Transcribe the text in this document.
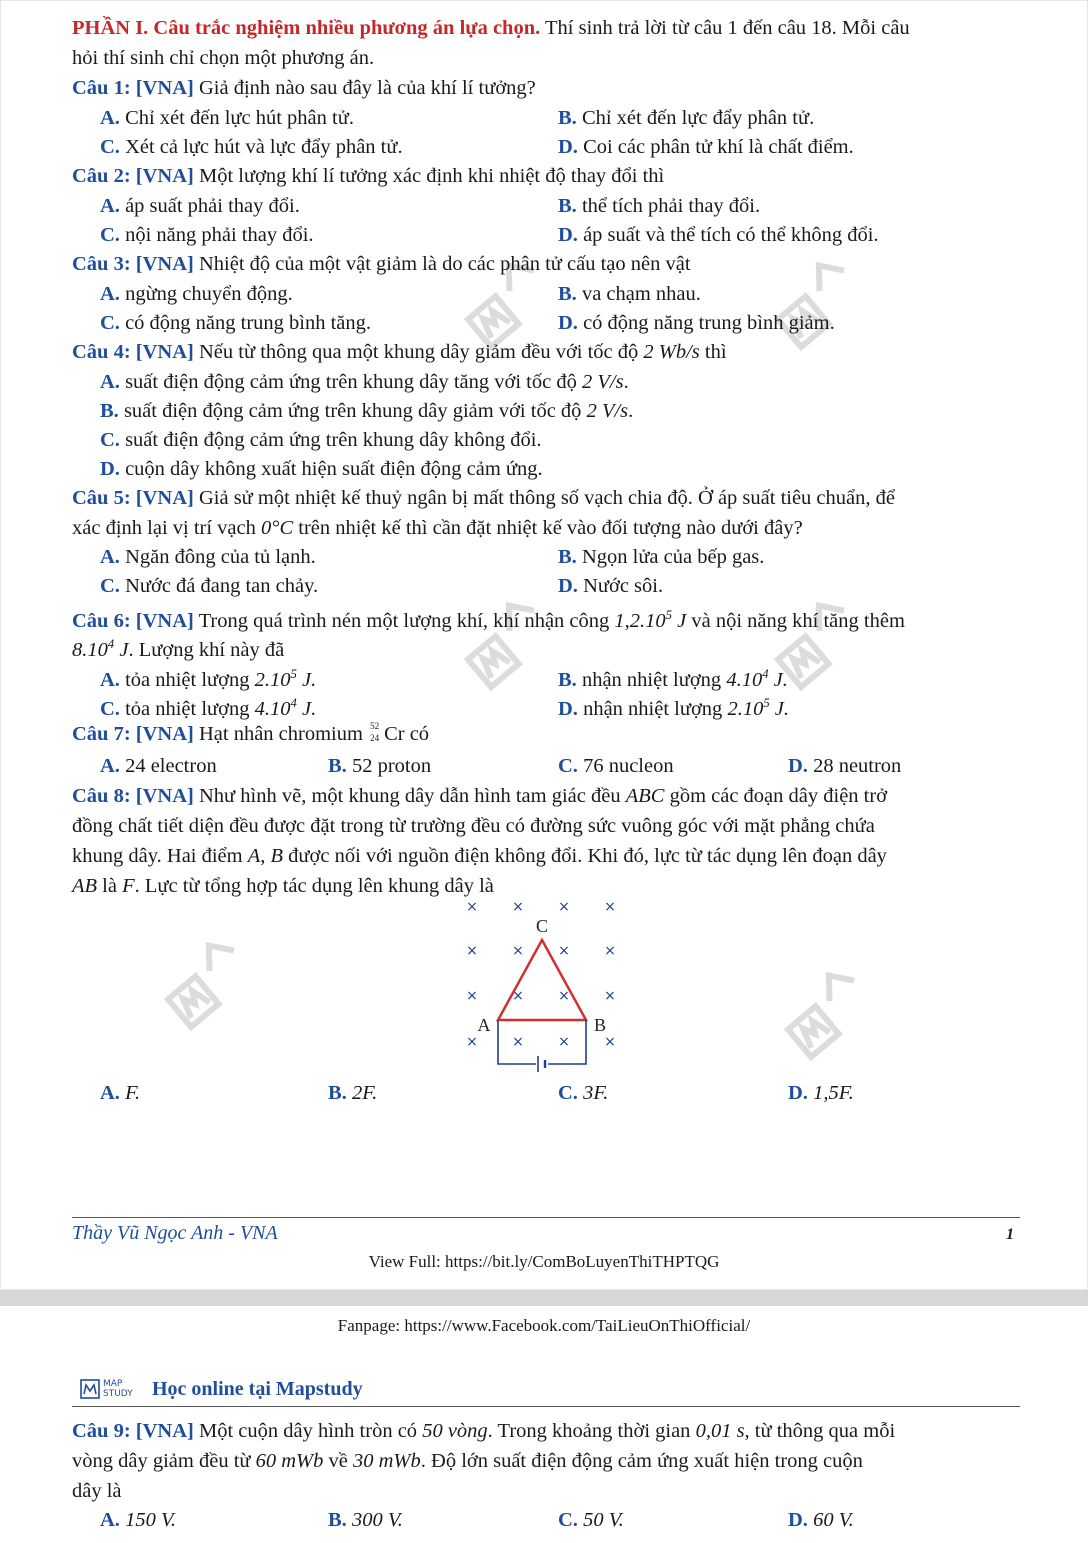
PHẦN I. Câu trắc nghiệm nhiều phương án lựa chọn. Thí sinh trả lời từ câu 1 đến câu 18. Mỗi câu
hỏi thí sinh chỉ chọn một phương án.
Câu 1: [VNA] Giả định nào sau đây là của khí lí tưởng?
A. Chỉ xét đến lực hút phân tử.	B. Chỉ xét đến lực đẩy phân tử.
C. Xét cả lực hút và lực đẩy phân tử.	D. Coi các phân tử khí là chất điểm.
Câu 2: [VNA] Một lượng khí lí tưởng xác định khi nhiệt độ thay đổi thì
A. áp suất phải thay đổi.	B. thể tích phải thay đổi.
C. nội năng phải thay đổi.	D. áp suất và thể tích có thể không đổi.
Câu 3: [VNA] Nhiệt độ của một vật giảm là do các phân tử cấu tạo nên vật
A. ngừng chuyển động.	B. va chạm nhau.
C. có động năng trung bình tăng.	D. có động năng trung bình giảm.
Câu 4: [VNA] Nếu từ thông qua một khung dây giảm đều với tốc độ 2 Wb/s thì
A. suất điện động cảm ứng trên khung dây tăng với tốc độ 2 V/s.
B. suất điện động cảm ứng trên khung dây giảm với tốc độ 2 V/s.
C. suất điện động cảm ứng trên khung dây không đổi.
D. cuộn dây không xuất hiện suất điện động cảm ứng.
Câu 5: [VNA] Giả sử một nhiệt kế thuỷ ngân bị mất thông số vạch chia độ. Ở áp suất tiêu chuẩn, để
xác định lại vị trí vạch 0°C trên nhiệt kế thì cần đặt nhiệt kế vào đối tượng nào dưới đây?
A. Ngăn đông của tủ lạnh.	B. Ngọn lửa của bếp gas.
C. Nước đá đang tan chảy.	D. Nước sôi.
Câu 6: [VNA] Trong quá trình nén một lượng khí, khí nhận công 1,2.10$^5$ J và nội năng khí tăng thêm
8.10$^4$ J. Lượng khí này đã
A. tỏa nhiệt lượng 2.10$^5$ J.	B. nhận nhiệt lượng 4.10$^4$ J.
C. tỏa nhiệt lượng 4.10$^4$ J.	D. nhận nhiệt lượng 2.10$^5$ J.
Câu 7: [VNA] Hạt nhân chromium 52
24 Cr có
A. 24 electron	B. 52 proton	C. 76 nucleon	D. 28 neutron
Câu 8: [VNA] Như hình vẽ, một khung dây dẫn hình tam giác đều ABC gồm các đoạn dây điện trở
đồng chất tiết diện đều được đặt trong từ trường đều có đường sức vuông góc với mặt phẳng chứa
khung dây. Hai điểm A, B được nối với nguồn điện không đổi. Khi đó, lực từ tác dụng lên đoạn dây
AB là F. Lực từ tổng hợp tác dụng lên khung dây là
× × × ×
× × × ×
× × × ×
× × × ×
C
A	B
A. F.	B. 2F.	C. 3F.	D. 1,5F.
Thầy Vũ Ngọc Anh - VNA	1
View Full: https://bit.ly/ComBoLuyenThiTHPTQG
Fanpage: https://www.Facebook.com/TaiLieuOnThiOfficial/
MAP
STUDY Học online tại Mapstudy
Câu 9: [VNA] Một cuộn dây hình tròn có 50 vòng. Trong khoảng thời gian 0,01 s, từ thông qua mỗi
vòng dây giảm đều từ 60 mWb về 30 mWb. Độ lớn suất điện động cảm ứng xuất hiện trong cuộn
dây là
A. 150 V.	B. 300 V.	C. 50 V.	D. 60 V.
